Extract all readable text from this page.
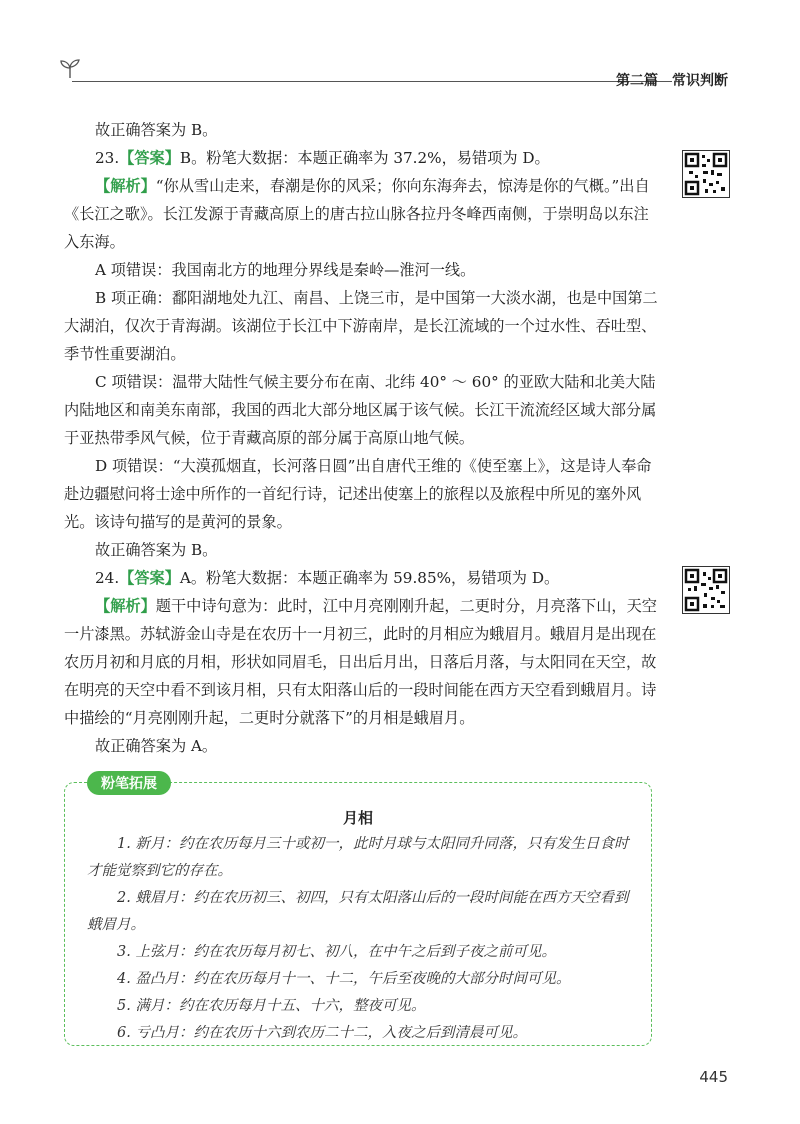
第二篇　常识判断

故正确答案为 B。

23.【答案】B。粉笔大数据：本题正确率为 37.2%，易错项为 D。

【解析】“你从雪山走来，春潮是你的风采；你向东海奔去，惊涛是你的气概。”出自《长江之歌》。长江发源于青藏高原上的唐古拉山脉各拉丹冬峰西南侧，于崇明岛以东注入东海。

A 项错误：我国南北方的地理分界线是秦岭—淮河一线。

B 项正确：鄱阳湖地处九江、南昌、上饶三市，是中国第一大淡水湖，也是中国第二大湖泊，仅次于青海湖。该湖位于长江中下游南岸，是长江流域的一个过水性、吞吐型、季节性重要湖泊。

C 项错误：温带大陆性气候主要分布在南、北纬 40° ～ 60° 的亚欧大陆和北美大陆内陆地区和南美东南部，我国的西北大部分地区属于该气候。长江干流流经区域大部分属于亚热带季风气候，位于青藏高原的部分属于高原山地气候。

D 项错误：“大漠孤烟直，长河落日圆”出自唐代王维的《使至塞上》，这是诗人奉命赴边疆慰问将士途中所作的一首纪行诗，记述出使塞上的旅程以及旅程中所见的塞外风光。该诗句描写的是黄河的景象。

故正确答案为 B。

24.【答案】A。粉笔大数据：本题正确率为 59.85%，易错项为 D。

【解析】题干中诗句意为：此时，江中月亮刚刚升起，二更时分，月亮落下山，天空一片漆黑。苏轼游金山寺是在农历十一月初三，此时的月相应为蛾眉月。蛾眉月是出现在农历月初和月底的月相，形状如同眉毛，日出后月出，日落后月落，与太阳同在天空，故在明亮的天空中看不到该月相，只有太阳落山后的一段时间能在西方天空看到蛾眉月。诗中描绘的“月亮刚刚升起，二更时分就落下”的月相是蛾眉月。

故正确答案为 A。

粉笔拓展
月相

1. 新月：约在农历每月三十或初一，此时月球与太阳同升同落，只有发生日食时才能觉察到它的存在。

2. 蛾眉月：约在农历初三、初四，只有太阳落山后的一段时间能在西方天空看到蛾眉月。

3. 上弦月：约在农历每月初七、初八，在中午之后到子夜之前可见。

4. 盈凸月：约在农历每月十一、十二，午后至夜晚的大部分时间可见。

5. 满月：约在农历每月十五、十六，整夜可见。

6. 亏凸月：约在农历十六到农历二十二，入夜之后到清晨可见。

445
